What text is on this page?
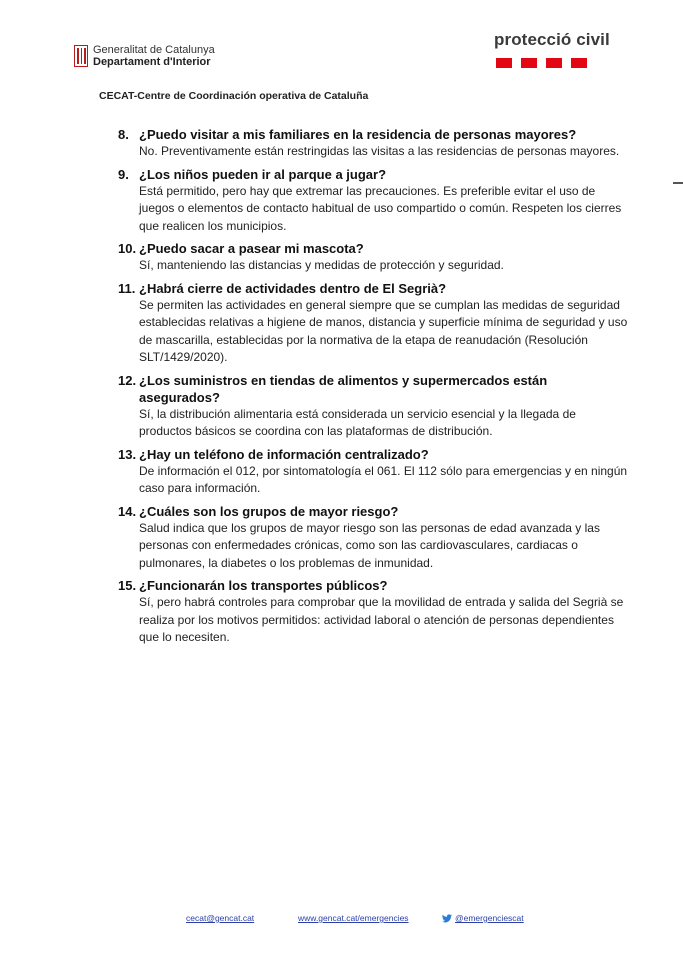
Generalitat de Catalunya
Departament d'Interior
protecció civil
CECAT-Centre de Coordinación operativa de Cataluña
8. ¿Puedo visitar a mis familiares en la residencia de personas mayores?
No. Preventivamente están restringidas las visitas a las residencias de personas mayores.
9. ¿Los niños pueden ir al parque a jugar?
Está permitido, pero hay que extremar las precauciones. Es preferible evitar el uso de juegos o elementos de contacto habitual de uso compartido o común. Respeten los cierres que realicen los municipios.
10. ¿Puedo sacar a pasear mi mascota?
Sí, manteniendo las distancias y medidas de protección y seguridad.
11. ¿Habrá cierre de actividades dentro de El Segrià?
Se permiten las actividades en general siempre que se cumplan las medidas de seguridad establecidas relativas a higiene de manos, distancia y superficie mínima de seguridad y uso de mascarilla, establecidas por la normativa de la etapa de reanudación (Resolución SLT/1429/2020).
12. ¿Los suministros en tiendas de alimentos y supermercados están asegurados?
Sí, la distribución alimentaria está considerada un servicio esencial y la llegada de productos básicos se coordina con las plataformas de distribución.
13. ¿Hay un teléfono de información centralizado?
De información el 012, por sintomatología el 061. El 112 sólo para emergencias y en ningún caso para información.
14. ¿Cuáles son los grupos de mayor riesgo?
Salud indica que los grupos de mayor riesgo son las personas de edad avanzada y las personas con enfermedades crónicas, como son las cardiovasculares, cardiacas o pulmonares, la diabetes o los problemas de inmunidad.
15. ¿Funcionarán los transportes públicos?
Sí, pero habrá controles para comprobar que la movilidad de entrada y salida del Segrià se realiza por los motivos permitidos: actividad laboral o atención de personas dependientes que lo necesiten.
cecat@gencat.cat	www.gencat.cat/emergencies	@emergenciescat
